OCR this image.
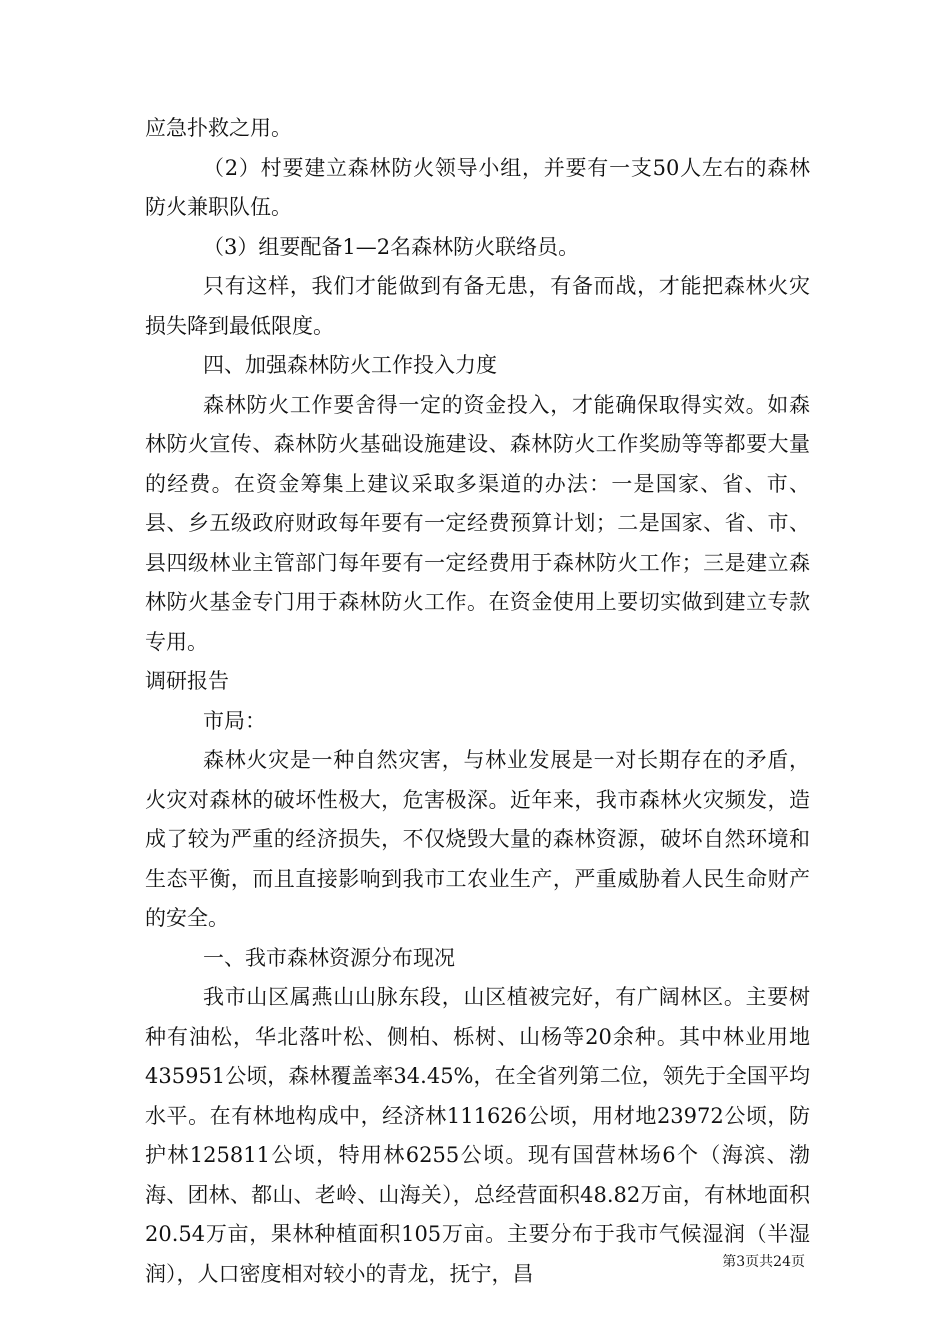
应急扑救之用。

（2）村要建立森林防火领导小组，并要有一支50人左右的森林防火兼职队伍。

（3）组要配备1—2名森林防火联络员。

只有这样，我们才能做到有备无患，有备而战，才能把森林火灾损失降到最低限度。

四、加强森林防火工作投入力度

森林防火工作要舍得一定的资金投入，才能确保取得实效。如森林防火宣传、森林防火基础设施建设、森林防火工作奖励等等都要大量的经费。在资金筹集上建议采取多渠道的办法：一是国家、省、市、县、乡五级政府财政每年要有一定经费预算计划；二是国家、省、市、县四级林业主管部门每年要有一定经费用于森林防火工作；三是建立森林防火基金专门用于森林防火工作。在资金使用上要切实做到建立专款专用。

调研报告

市局：

森林火灾是一种自然灾害，与林业发展是一对长期存在的矛盾，火灾对森林的破坏性极大，危害极深。近年来，我市森林火灾频发，造成了较为严重的经济损失，不仅烧毁大量的森林资源，破坏自然环境和生态平衡，而且直接影响到我市工农业生产，严重威胁着人民生命财产的安全。

一、我市森林资源分布现况

我市山区属燕山山脉东段，山区植被完好，有广阔林区。主要树种有油松，华北落叶松、侧柏、栎树、山杨等20余种。其中林业用地435951公顷，森林覆盖率34.45%，在全省列第二位，领先于全国平均水平。在有林地构成中，经济林111626公顷，用材地23972公顷，防护林125811公顷，特用林6255公顷。现有国营林场6个（海滨、渤海、团林、都山、老岭、山海关），总经营面积48.82万亩，有林地面积20.54万亩，果林种植面积105万亩。主要分布于我市气候湿润（半湿润），人口密度相对较小的青龙，抚宁，昌	第3页共24页
